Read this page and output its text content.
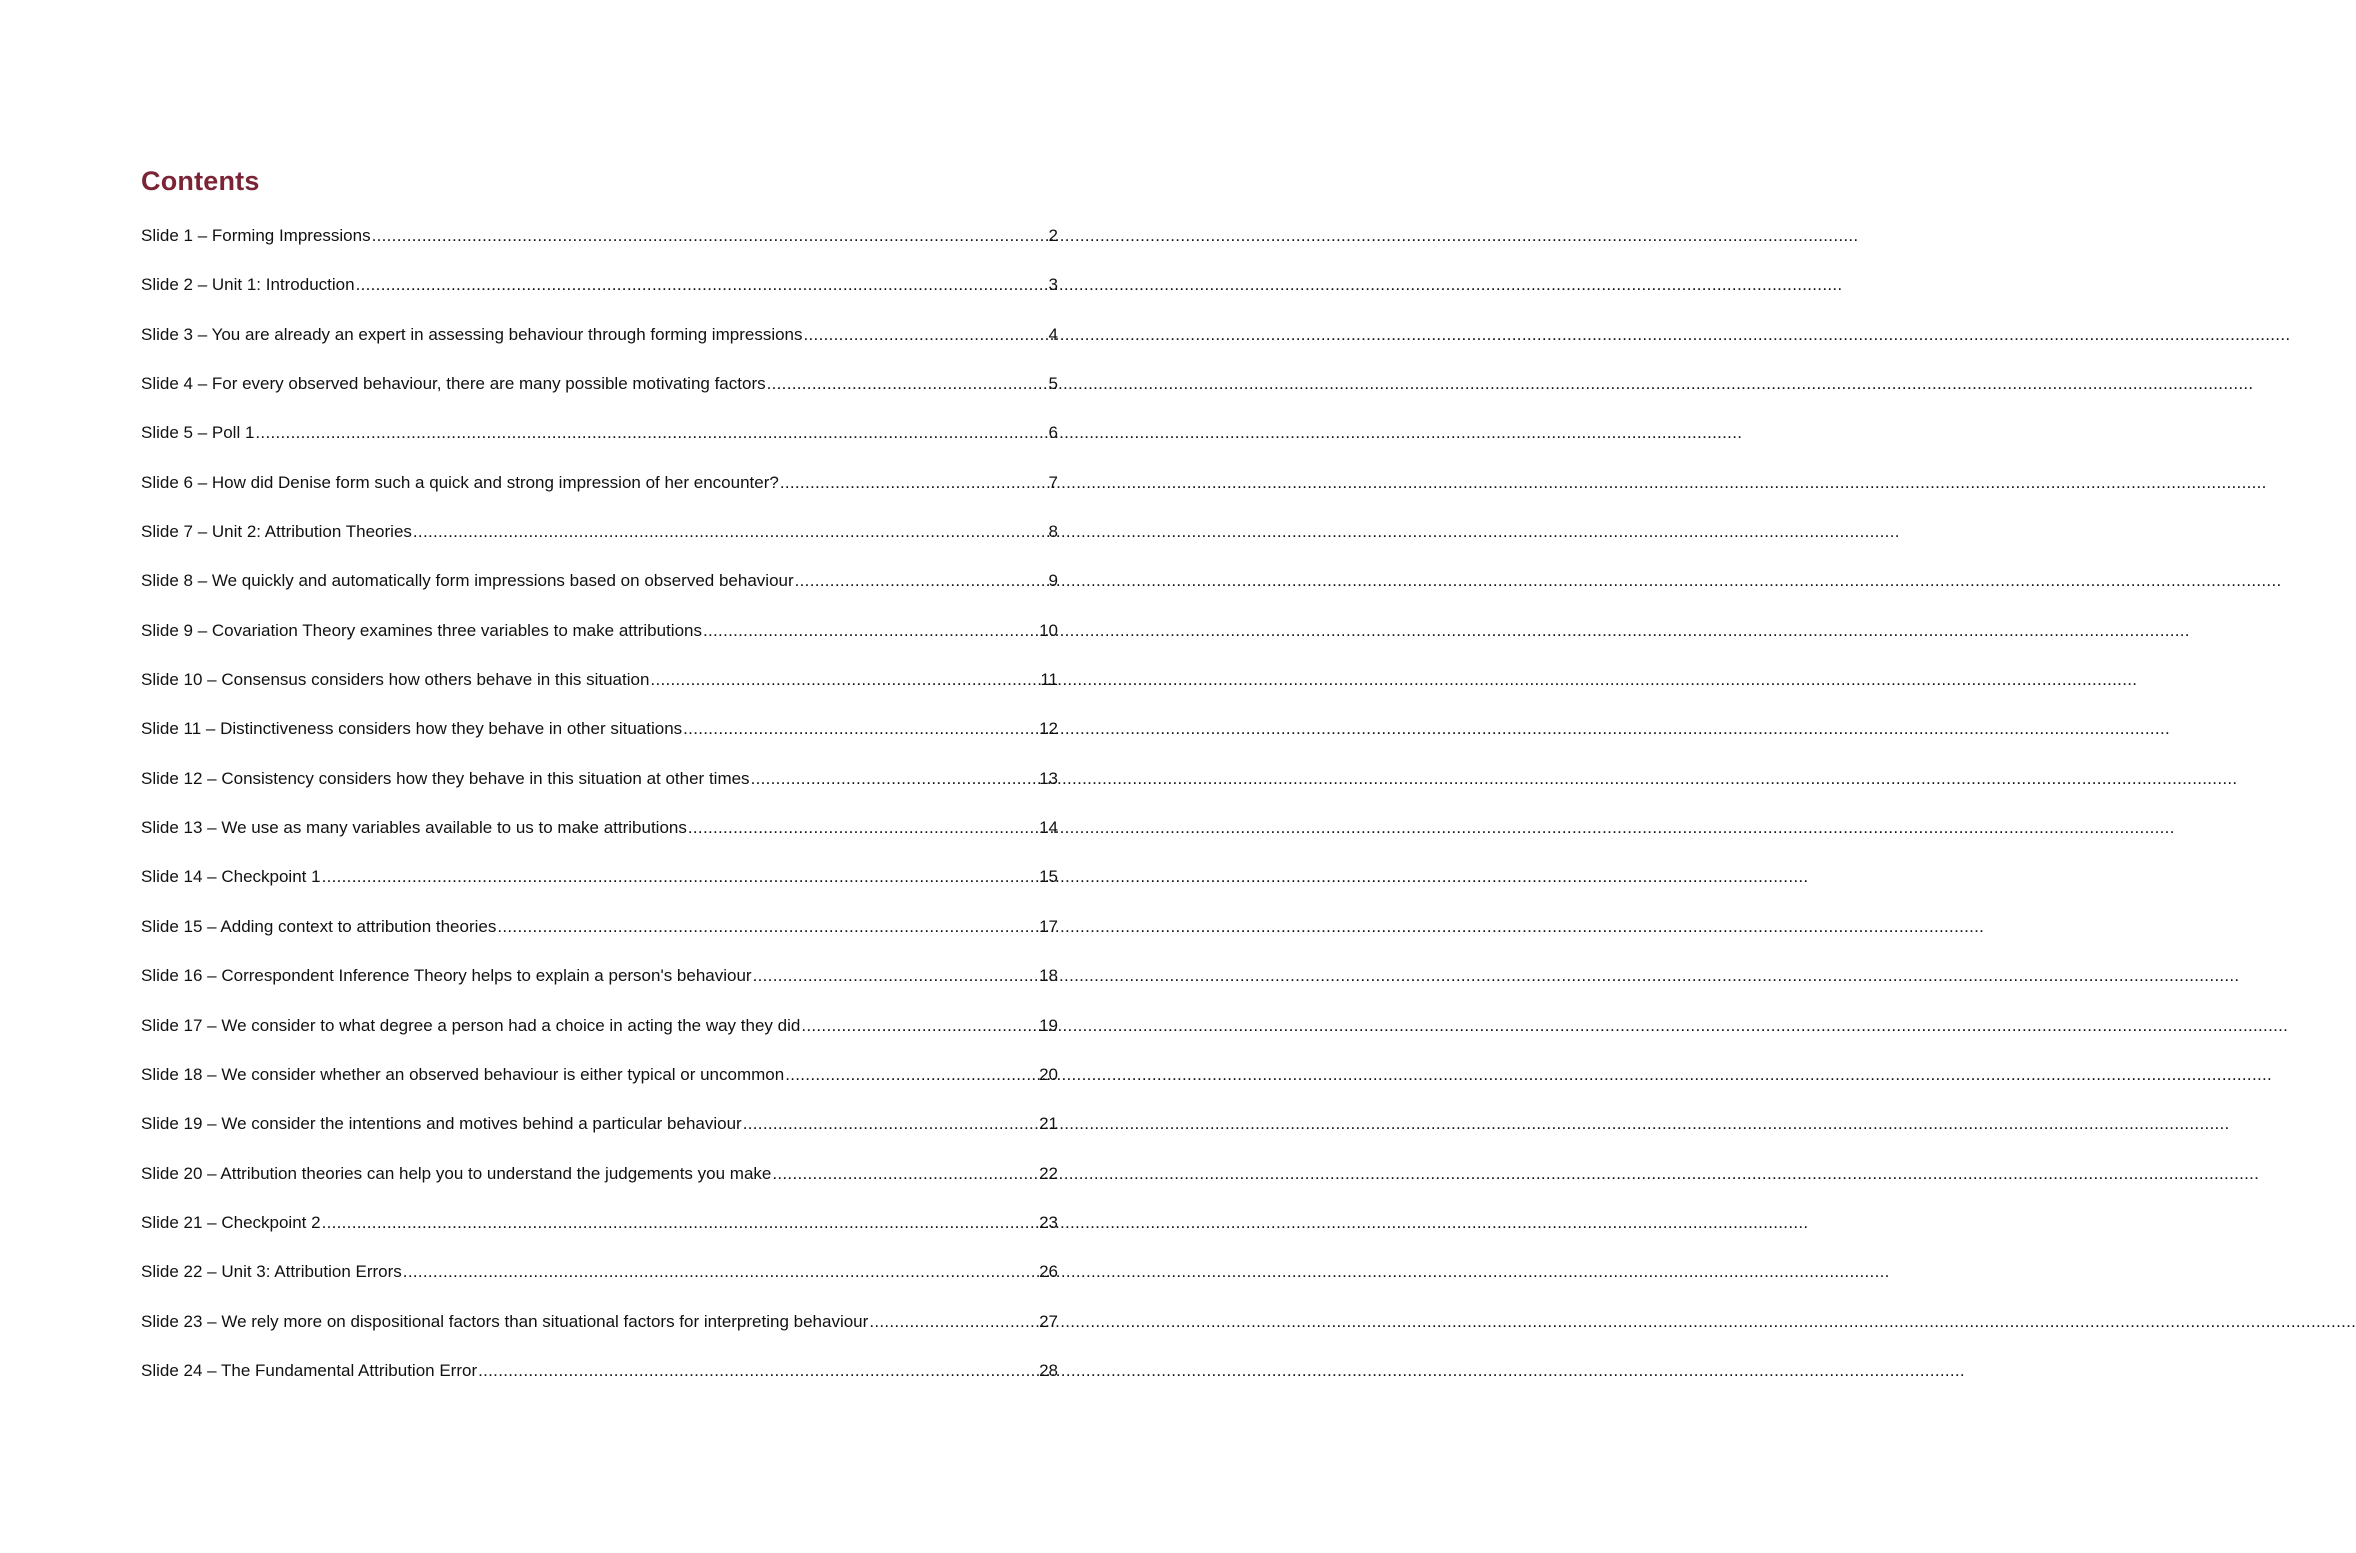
Contents
Slide 1 – Forming Impressions .....	2
Slide 2 – Unit 1: Introduction .....	3
Slide 3 – You are already an expert in assessing behaviour through forming impressions .....	4
Slide 4 – For every observed behaviour, there are many possible motivating factors .....	5
Slide 5 – Poll 1 .....	6
Slide 6 – How did Denise form such a quick and strong impression of her encounter? .....	7
Slide 7 – Unit 2: Attribution Theories .....	8
Slide 8 – We quickly and automatically form impressions based on observed behaviour .....	9
Slide 9 – Covariation Theory examines three variables to make attributions .....	10
Slide 10 – Consensus considers how others behave in this situation .....	11
Slide 11 – Distinctiveness considers how they behave in other situations .....	12
Slide 12 – Consistency considers how they behave in this situation at other times .....	13
Slide 13 – We use as many variables available to us to make attributions .....	14
Slide 14 – Checkpoint 1 .....	15
Slide 15 – Adding context to attribution theories .....	17
Slide 16 – Correspondent Inference Theory helps to explain a person's behaviour .....	18
Slide 17 – We consider to what degree a person had a choice in acting the way they did .....	19
Slide 18 – We consider whether an observed behaviour is either typical or uncommon .....	20
Slide 19 – We consider the intentions and motives behind a particular behaviour .....	21
Slide 20 – Attribution theories can help you to understand the judgements you make .....	22
Slide 21 – Checkpoint 2 .....	23
Slide 22 – Unit 3: Attribution Errors .....	26
Slide 23 – We rely more on dispositional factors than situational factors for interpreting behaviour .....	27
Slide 24 – The Fundamental Attribution Error .....	28
